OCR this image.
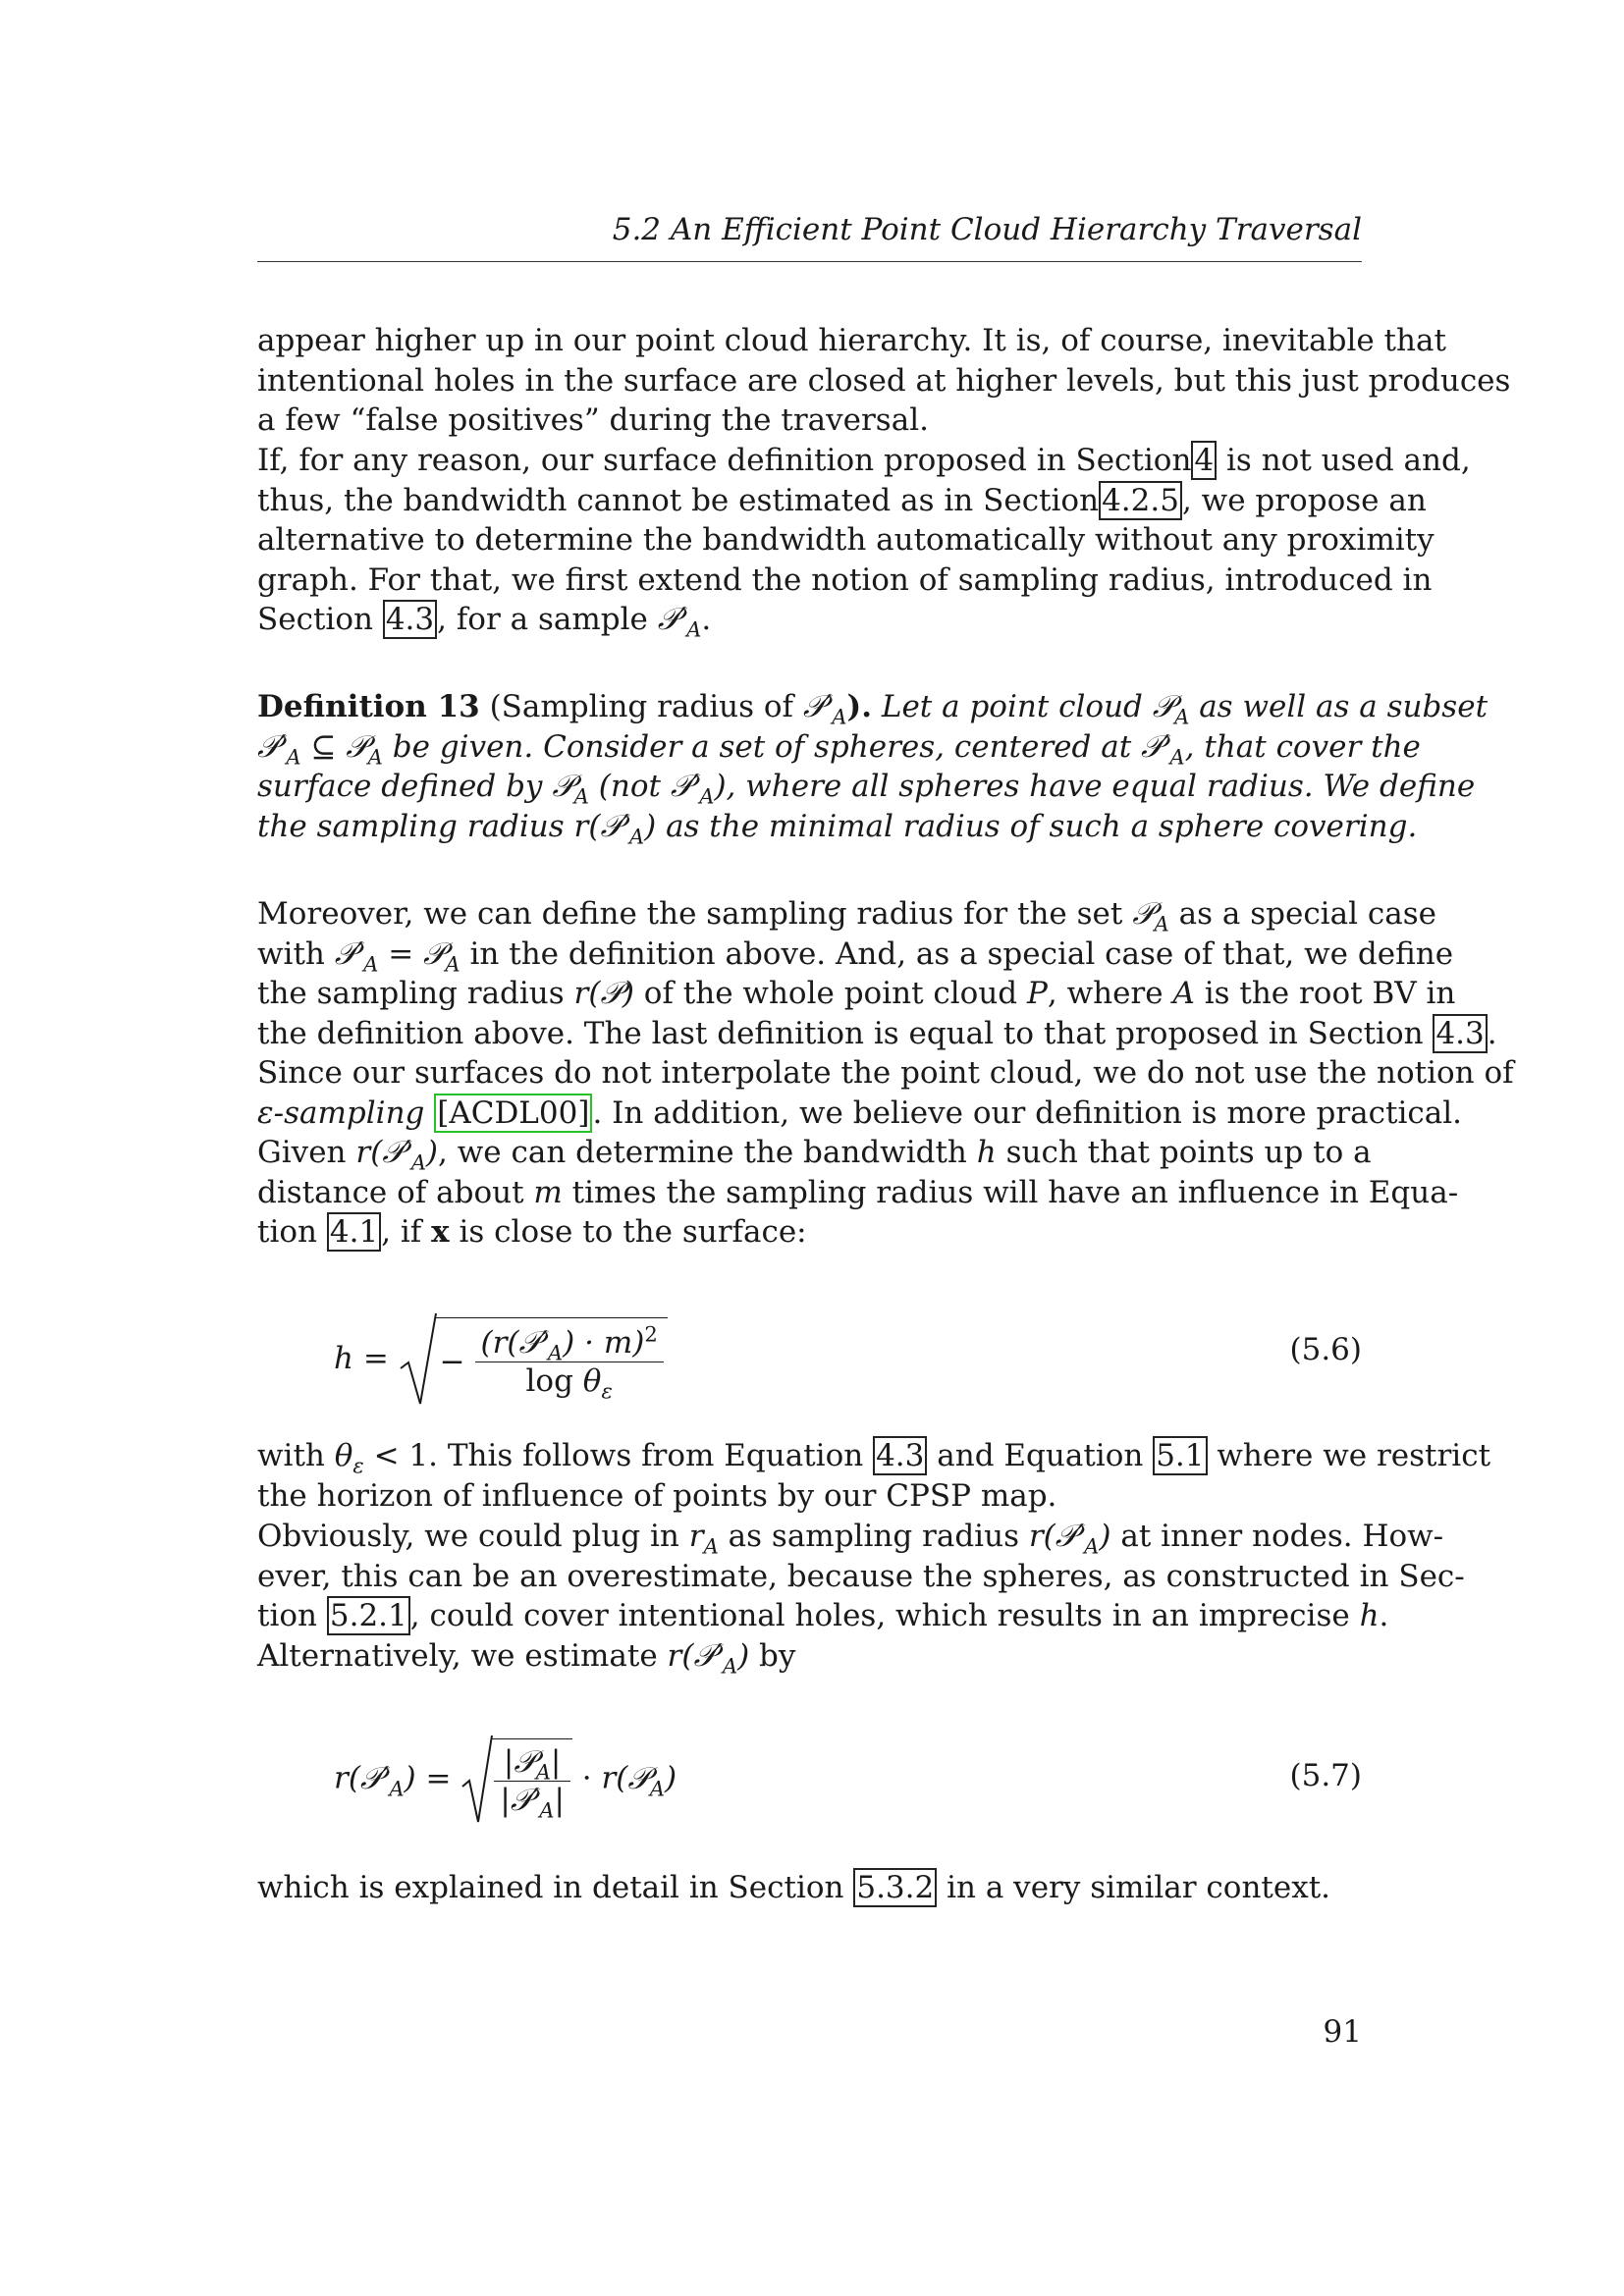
5.2 An Efficient Point Cloud Hierarchy Traversal

appear higher up in our point cloud hierarchy. It is, of course, inevitable that
intentional holes in the surface are closed at higher levels, but this just produces
a few “false positives” during the traversal.

If, for any reason, our surface definition proposed in Section 4 is not used and,
thus, the bandwidth cannot be estimated as in Section 4.2.5, we propose an
alternative to determine the bandwidth automatically without any proximity
graph. For that, we first extend the notion of sampling radius, introduced in
Section 4.3, for a sample $𝒫'_A$.

Definition 13 (Sampling radius of $𝒫'_A$). Let a point cloud 𝒫$_A$ as well as a subset
$𝒫'_A$ ⊆ 𝒫$_A$ be given. Consider a set of spheres, centered at $𝒫'_A$, that cover the
surface defined by 𝒫$_A$ (not $𝒫'_A$), where all spheres have equal radius. We define
the sampling radius $r(𝒫'_A)$ as the minimal radius of such a sphere covering.

Moreover, we can define the sampling radius for the set 𝒫$_A$ as a special case
with $𝒫'_A$ = 𝒫$_A$ in the definition above. And, as a special case of that, we define
the sampling radius r(𝒫) of the whole point cloud P, where A is the root BV in
the definition above. The last definition is equal to that proposed in Section 4.3.
Since our surfaces do not interpolate the point cloud, we do not use the notion of
ε-sampling [ACDL00]. In addition, we believe our definition is more practical.
Given $r(𝒫'_A)$, we can determine the bandwidth h such that points up to a
distance of about m times the sampling radius will have an influence in Equa-
tion 4.1, if x is close to the surface:

h = − $\frac{(r(𝒫'_A) \cdot m)^2}{\log \theta_\varepsilon}$	(5.6)

with $\theta_\varepsilon < 1$. This follows from Equation 4.3 and Equation 5.1 where we restrict
the horizon of influence of points by our CPSP map.

Obviously, we could plug in $r_A$ as sampling radius $r(𝒫'_A)$ at inner nodes. How-
ever, this can be an overestimate, because the spheres, as constructed in Sec-
tion 5.2.1, could cover intentional holes, which results in an imprecise h.
Alternatively, we estimate $r(𝒫'_A)$ by

$r(𝒫'_A) = \frac{|𝒫_A|}{|𝒫'_A|}$ · r(𝒫$_A$)	(5.7)

which is explained in detail in Section 5.3.2 in a very similar context.

91
